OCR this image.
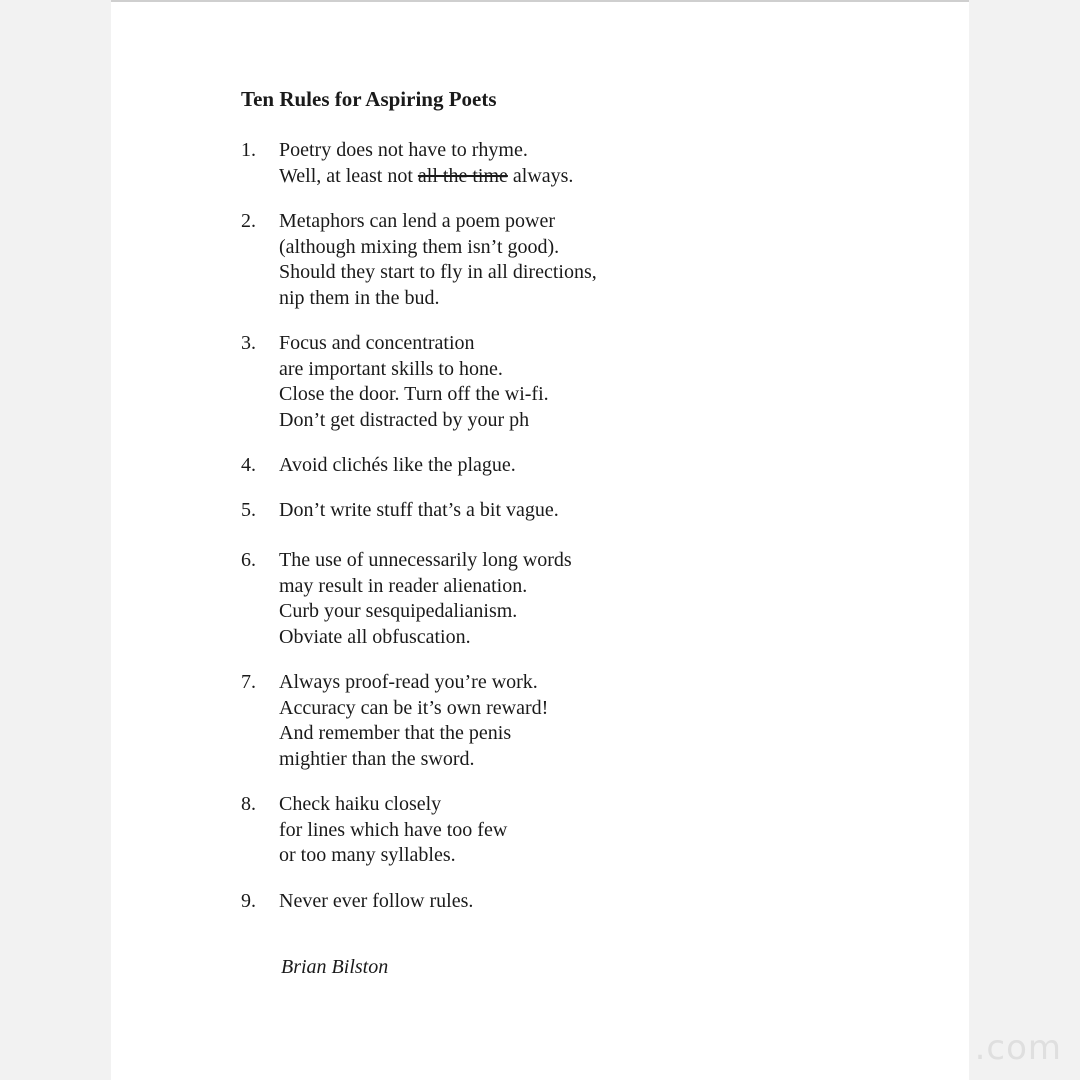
Ten Rules for Aspiring Poets
1.	Poetry does not have to rhyme.
Well, at least not all the time always.
2.	Metaphors can lend a poem power
(although mixing them isn’t good).
Should they start to fly in all directions,
nip them in the bud.
3.	Focus and concentration
are important skills to hone.
Close the door. Turn off the wi-fi.
Don’t get distracted by your ph
4.	Avoid clichés like the plague.
5.	Don’t write stuff that’s a bit vague.
6.	The use of unnecessarily long words
may result in reader alienation.
Curb your sesquipedalianism.
Obviate all obfuscation.
7.	Always proof-read you’re work.
Accuracy can be it’s own reward!
And remember that the penis
mightier than the sword.
8.	Check haiku closely
for lines which have too few
or too many syllables.
9.	Never ever follow rules.
Brian Bilston
.com
